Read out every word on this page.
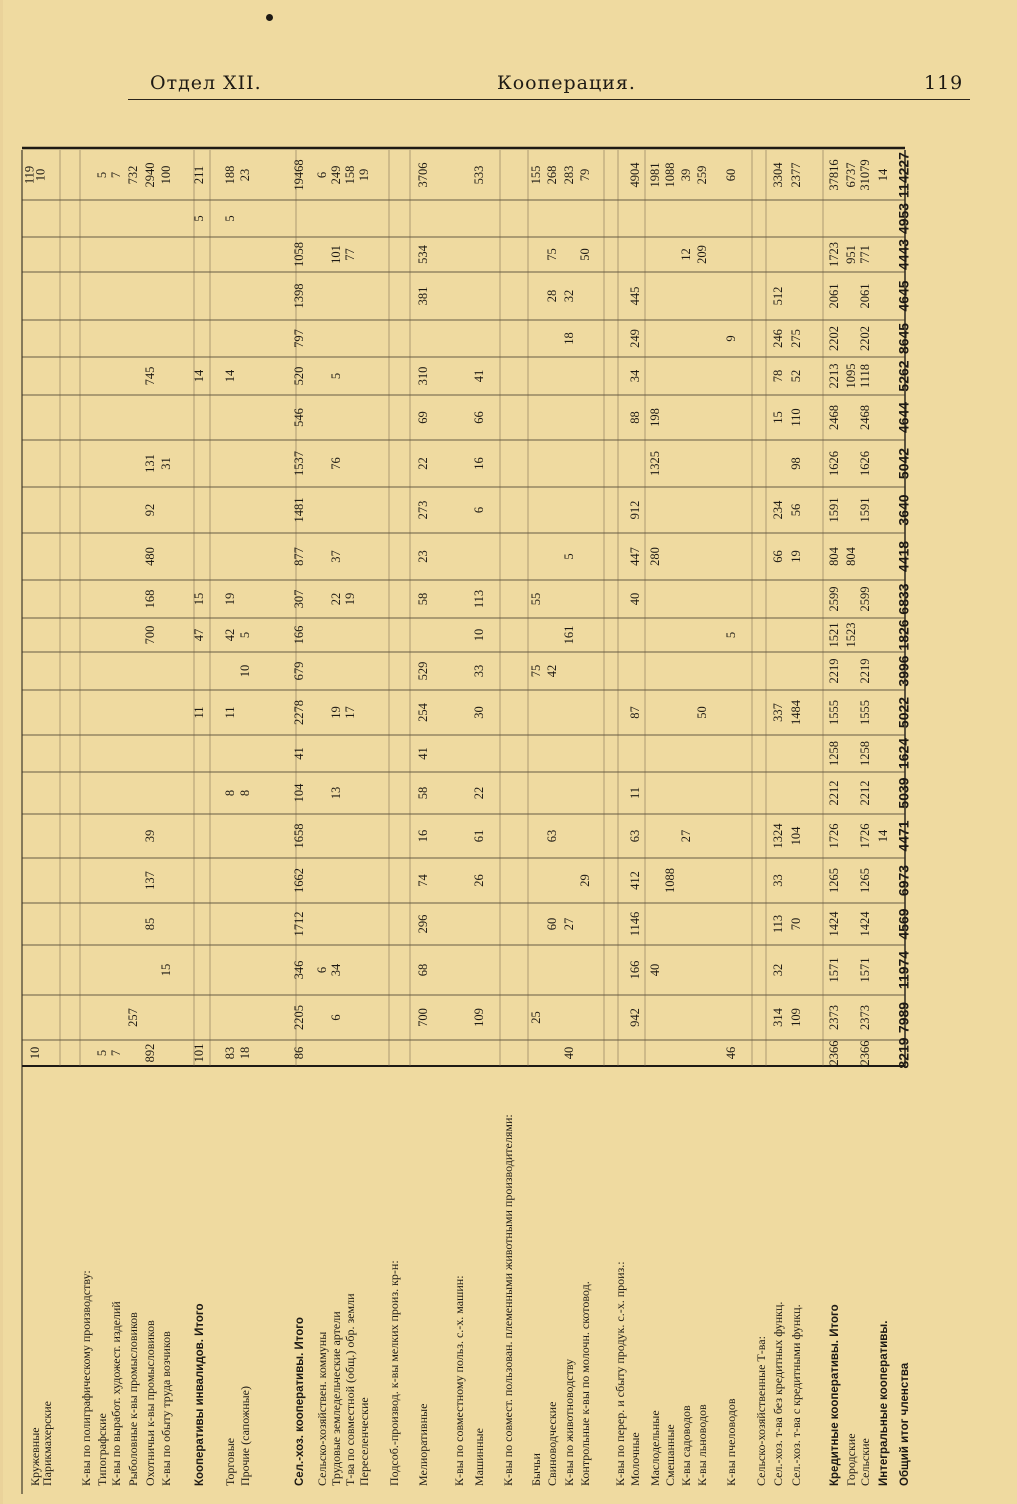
Отдел XII.	Кооперация.	119
Кружевные
10
119
10
Парикмахерские К-вы по полиграфическому производству: Типографские
5
5
К-вы по выработ. художест. изделий
7
7
Рыболовные к-вы промысловиков
257
732
Охотничьи к-вы промысловиков
892
85
137
39
700
168
480
92
131
745
2940
К-вы по обыту труда возчиков
15
31
100
Кооперативы инвалидов. Итого
101
11
47
15
14
5
211
Торговые
83
8
11
42
19
14
5
188
Прочие (сапожные)
18
8
10
5
23
Сел.-хоз. кооперативы. Итого
86
2205
346
1712
1662
1658
104
41
2278
679
166
307
877
1481
1537
546
520
797
1398
1058
19468
Сельско-хозяйствен. коммуны
6
6
Трудовые земледельческие артели
6
34
13
19
22
37
76
5
101
249
Т-ва по совместной (общ.) обр. земли
17
19
77
158
Переселенческие
19
Подсоб.-производ. к-вы мелких произ. кр-н: Мелиоративные
700
68
296
74
16
58
41
254
529
58
23
273
22
69
310
381
534
3706
К-вы по совместному польз. с.-х. машин: Машинные
109
26
61
22
30
33
10
113
6
16
66
41
533
К-вы по совмест. пользован. племенными животными производителями: Бычьи
25
75
55
155
Свиноводческие
60
63
42
28
75
268
К-вы по животноводству
40
27
161
5
18
32
283
Контрольные к-вы по молочн. скотовод.
29
50
79
К-вы по перер. и сбыту продук. с.-х. произ.: Молочные
942
166
1146
412
63
11
87
40
447
912
88
34
249
445
4904
Маслодельные
40
280
1325
198
1981
Смешанные
1088
1088
К-вы садоводов
27
12
39
К-вы льноводов
50
209
259
К-вы пчеловодов
46
5
9
60
Сельско-хозяйственные Т-ва: Сел.-хоз. т-ва без кредитных функц.
314
32
113
33
1324
337
66
234
15
78
246
512
3304
Сел.-хоз. т-ва с кредитными функц.
109
70
104
1484
19
56
98
110
52
275
2377
Кредитные кооперативы. Итого
2366
2373
1571
1424
1265
1726
2212
1258
1555
2219
1521
2599
804
1591
1626
2468
2213
2202
2061
1723
37816
Городские
1523
804
1095
951
6737
Сельские
2366
2373
1571
1424
1265
1726
2212
1258
1555
2219
2599
1591
1626
2468
1118
2202
2061
771
31079
Интегральные кооперативы.
14
14
Общий итог членства
8219
7989
11974
4569
6973
4471
5039
1624
5022
3996
1826
6833
4418
3640
5042
4644
5262
8645
4645
4443
4953
114227
